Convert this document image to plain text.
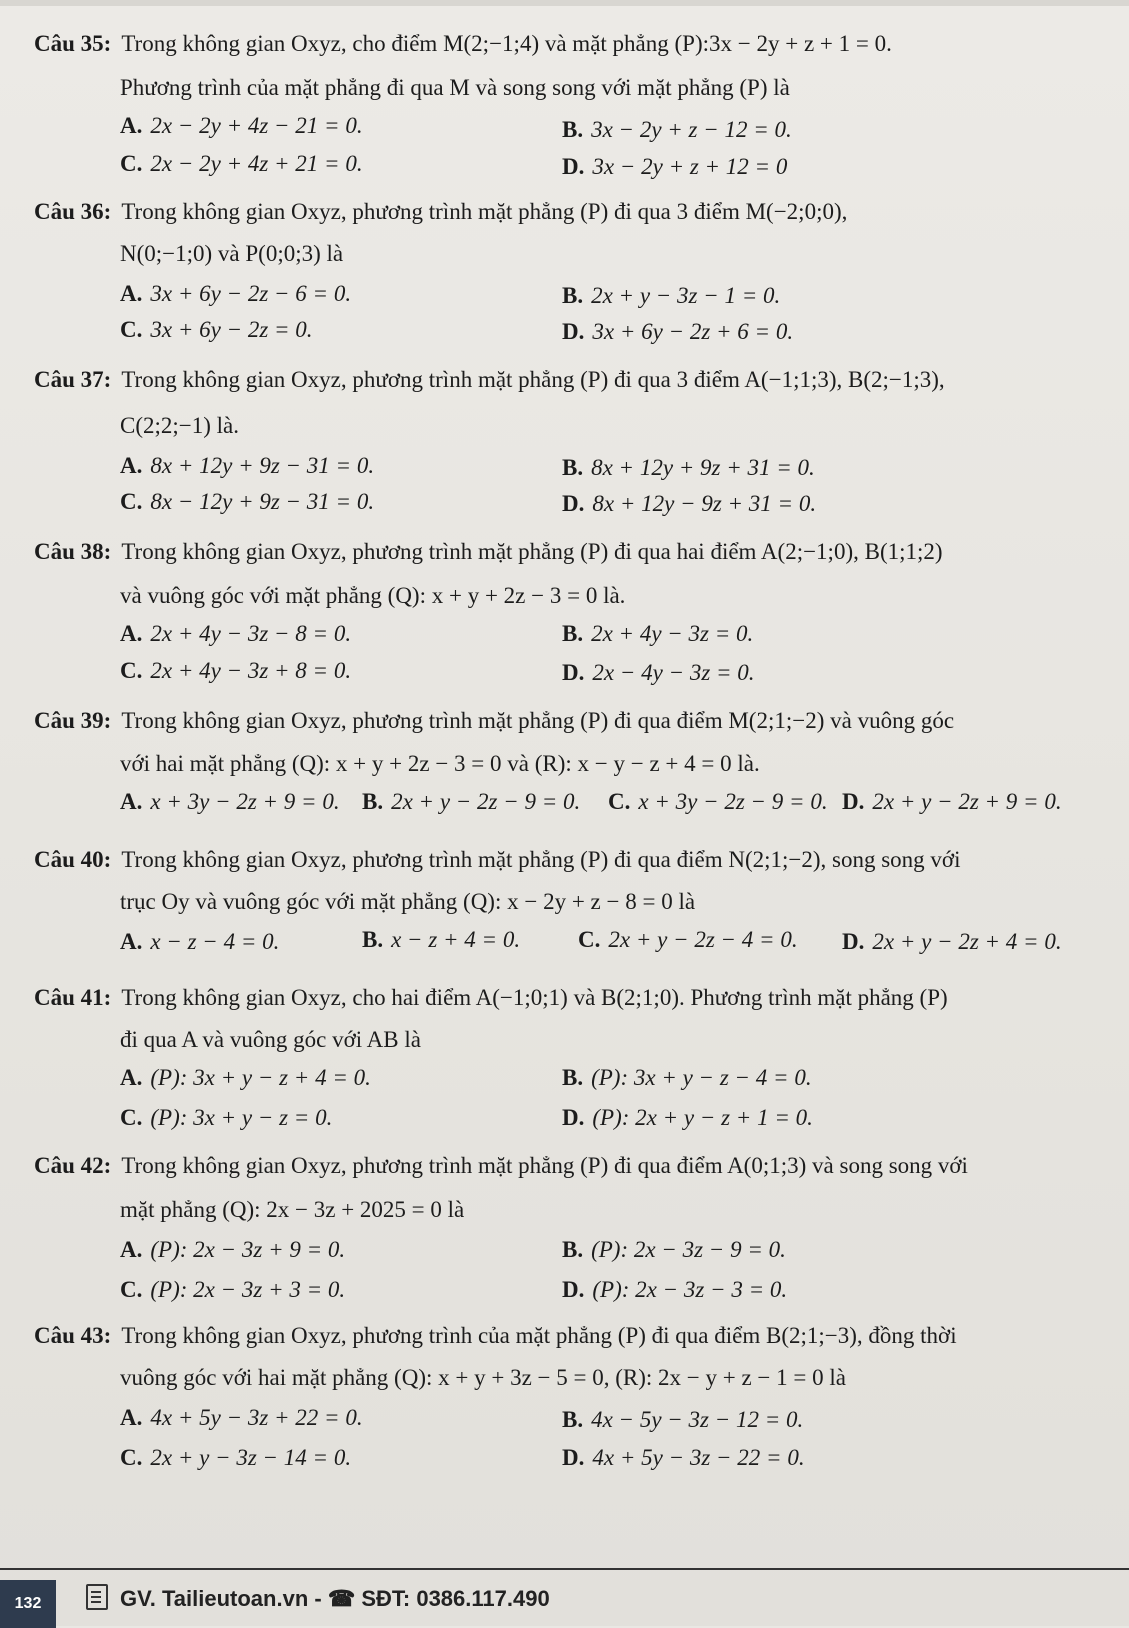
Câu 35: Trong không gian Oxyz, cho điểm M(2;−1;4) và mặt phẳng (P):3x − 2y + z + 1 = 0.
Phương trình của mặt phẳng đi qua M và song song với mặt phẳng (P) là
A. 2x − 2y + 4z − 21 = 0.	B. 3x − 2y + z − 12 = 0.
C. 2x − 2y + 4z + 21 = 0.	D. 3x − 2y + z + 12 = 0
Câu 36: Trong không gian Oxyz, phương trình mặt phẳng (P) đi qua 3 điểm M(−2;0;0),
N(0;−1;0) và P(0;0;3) là
A. 3x + 6y − 2z − 6 = 0.	B. 2x + y − 3z − 1 = 0.
C. 3x + 6y − 2z = 0.	D. 3x + 6y − 2z + 6 = 0.
Câu 37: Trong không gian Oxyz, phương trình mặt phẳng (P) đi qua 3 điểm A(−1;1;3), B(2;−1;3),
C(2;2;−1) là.
A. 8x + 12y + 9z − 31 = 0.	B. 8x + 12y + 9z + 31 = 0.
C. 8x − 12y + 9z − 31 = 0.	D. 8x + 12y − 9z + 31 = 0.
Câu 38: Trong không gian Oxyz, phương trình mặt phẳng (P) đi qua hai điểm A(2;−1;0), B(1;1;2)
và vuông góc với mặt phẳng (Q): x + y + 2z − 3 = 0 là.
A. 2x + 4y − 3z − 8 = 0.	B. 2x + 4y − 3z = 0.
C. 2x + 4y − 3z + 8 = 0.	D. 2x − 4y − 3z = 0.
Câu 39: Trong không gian Oxyz, phương trình mặt phẳng (P) đi qua điểm M(2;1;−2) và vuông góc
với hai mặt phẳng (Q): x + y + 2z − 3 = 0 và (R): x − y − z + 4 = 0 là.
A. x + 3y − 2z + 9 = 0. B. 2x + y − 2z − 9 = 0. C. x + 3y − 2z − 9 = 0. D. 2x + y − 2z + 9 = 0.
Câu 40: Trong không gian Oxyz, phương trình mặt phẳng (P) đi qua điểm N(2;1;−2), song song với
trục Oy và vuông góc với mặt phẳng (Q): x − 2y + z − 8 = 0 là
A. x − z − 4 = 0.	B. x − z + 4 = 0.	C. 2x + y − 2z − 4 = 0. D. 2x + y − 2z + 4 = 0.
Câu 41: Trong không gian Oxyz, cho hai điểm A(−1;0;1) và B(2;1;0). Phương trình mặt phẳng (P)
đi qua A và vuông góc với AB là
A. (P): 3x + y − z + 4 = 0.	B. (P): 3x + y − z − 4 = 0.
C. (P): 3x + y − z = 0.	D. (P): 2x + y − z + 1 = 0.
Câu 42: Trong không gian Oxyz, phương trình mặt phẳng (P) đi qua điểm A(0;1;3) và song song với
mặt phẳng (Q): 2x − 3z + 2025 = 0 là
A. (P): 2x − 3z + 9 = 0.	B. (P): 2x − 3z − 9 = 0.
C. (P): 2x − 3z + 3 = 0.	D. (P): 2x − 3z − 3 = 0.
Câu 43: Trong không gian Oxyz, phương trình của mặt phẳng (P) đi qua điểm B(2;1;−3), đồng thời
vuông góc với hai mặt phẳng (Q): x + y + 3z − 5 = 0, (R): 2x − y + z − 1 = 0 là
A. 4x + 5y − 3z + 22 = 0.	B. 4x − 5y − 3z − 12 = 0.
C. 2x + y − 3z − 14 = 0.	D. 4x + 5y − 3z − 22 = 0.
132	GV. Tailieutoan.vn - ☎ SĐT: 0386.117.490
